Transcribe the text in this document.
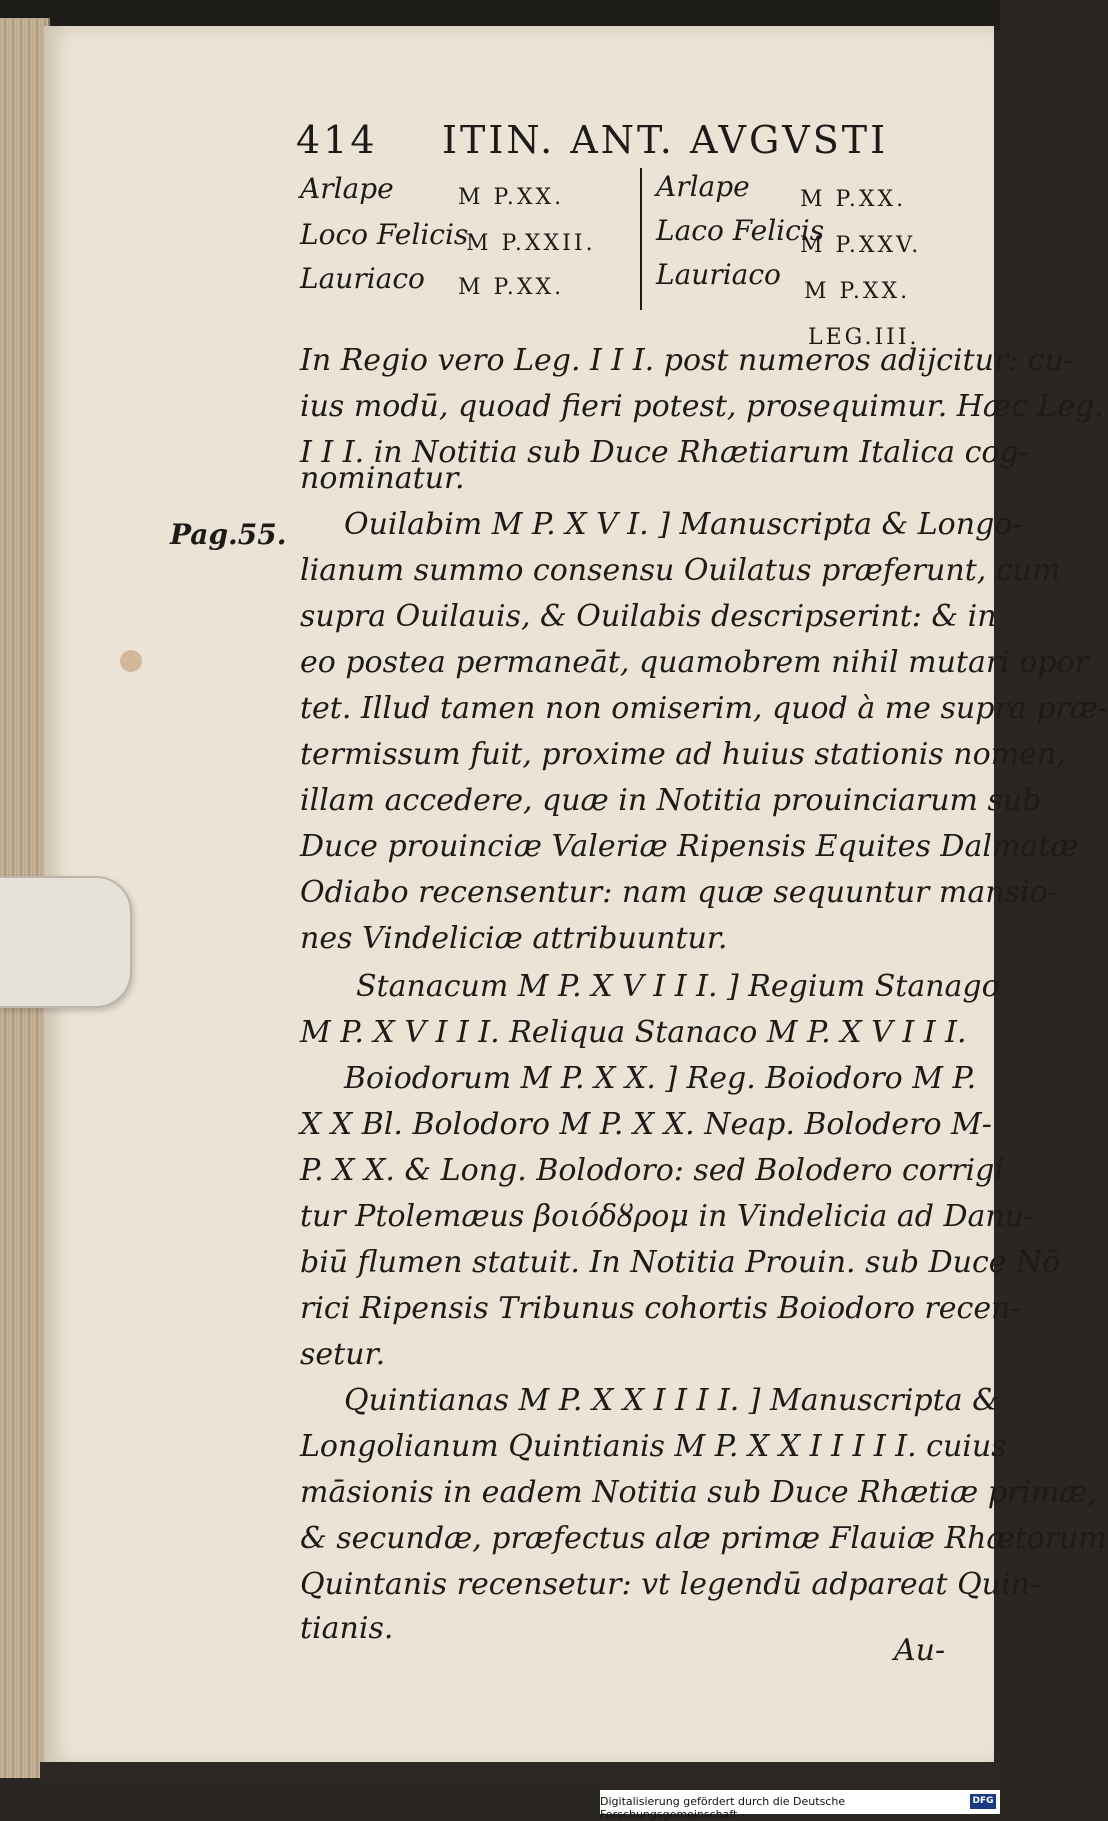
414 ITIN. ANT. AVGVSTI
Arlape	M P.XX.
Loco Felicis
M P.XXII.
Lauriaco M P.XX.
Arlape M P.XX.
Laco Felicis
M P.XXV.
Lauriaco
M P.XX.
LEG.III.
Pag.55.
In Regio vero Leg. I I I. post numeros adijcitur: cu-
ius modū, quoad fieri potest, prosequimur. Hæc Leg.
I I I. in Notitia sub Duce Rhætiarum Italica cog-
nominatur.
Ouilabim M P. X V I. ] Manuscripta & Longo-
lianum summo consensu Ouilatus præferunt, cum
supra Ouilauis, & Ouilabis descripserint: & in
eo postea permaneāt, quamobrem nihil mutari opor
tet. Illud tamen non omiserim, quod à me supra præ-
termissum fuit, proxime ad huius stationis nomen,
illam accedere, quæ in Notitia prouinciarum sub
Duce prouinciæ Valeriæ Ripensis Equites Dalmatæ
Odiabo recensentur: nam quæ sequuntur mansio-
nes Vindeliciæ attribuuntur.
Stanacum M P. X V I I I. ] Regium Stanago
M P. X V I I I. Reliqua Stanaco M P. X V I I I.
Boiodorum M P. X X. ] Reg. Boiodoro M P.
X X Bl. Bolodoro M P. X X. Neap. Bolodero M-
P. X X. & Long. Bolodoro: sed Bolodero corrigi
tur Ptolemæus βοιόδȣρομ in Vindelicia ad Danu-
biū flumen statuit. In Notitia Prouin. sub Duce Nō
rici Ripensis Tribunus cohortis Boiodoro recen-
setur.
Quintianas M P. X X I I I I. ] Manuscripta &
Longolianum Quintianis M P. X X I I I I I. cuius
māsionis in eadem Notitia sub Duce Rhætiæ primæ,
& secundæ, præfectus alæ primæ Flauiæ Rhætorum
Quintanis recensetur: vt legendū adpareat Quin-
tianis.
Au-
Digitalisierung gefördert durch die Deutsche Forschungsgemeinschaft -
DFG
